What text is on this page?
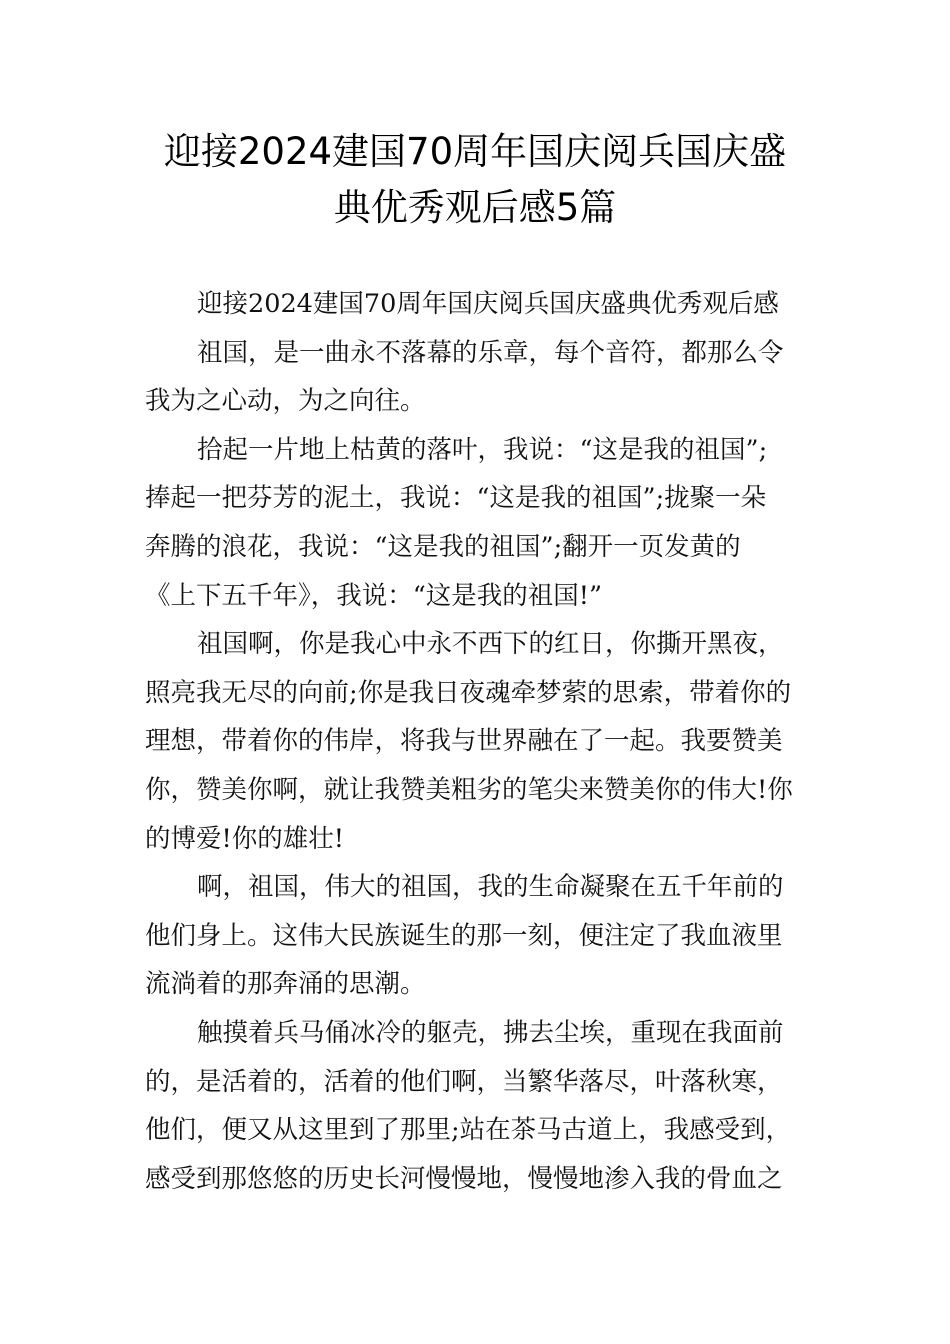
迎接2024建国70周年国庆阅兵国庆盛
典优秀观后感5篇

迎接2024建国70周年国庆阅兵国庆盛典优秀观后感

祖国，是一曲永不落幕的乐章，每个音符，都那么令
我为之心动，为之向往。

拾起一片地上枯黄的落叶，我说：“这是我的祖国”;
捧起一把芬芳的泥土，我说：“这是我的祖国”;拢聚一朵
奔腾的浪花，我说：“这是我的祖国”;翻开一页发黄的
《上下五千年》，我说：“这是我的祖国!”

祖国啊，你是我心中永不西下的红日，你撕开黑夜，
照亮我无尽的向前;你是我日夜魂牵梦萦的思索，带着你的
理想，带着你的伟岸，将我与世界融在了一起。我要赞美
你，赞美你啊，就让我赞美粗劣的笔尖来赞美你的伟大!你
的博爱!你的雄壮!

啊，祖国，伟大的祖国，我的生命凝聚在五千年前的
他们身上。这伟大民族诞生的那一刻，便注定了我血液里
流淌着的那奔涌的思潮。

触摸着兵马俑冰冷的躯壳，拂去尘埃，重现在我面前
的，是活着的，活着的他们啊，当繁华落尽，叶落秋寒，
他们，便又从这里到了那里;站在茶马古道上，我感受到，
感受到那悠悠的历史长河慢慢地，慢慢地渗入我的骨血之
